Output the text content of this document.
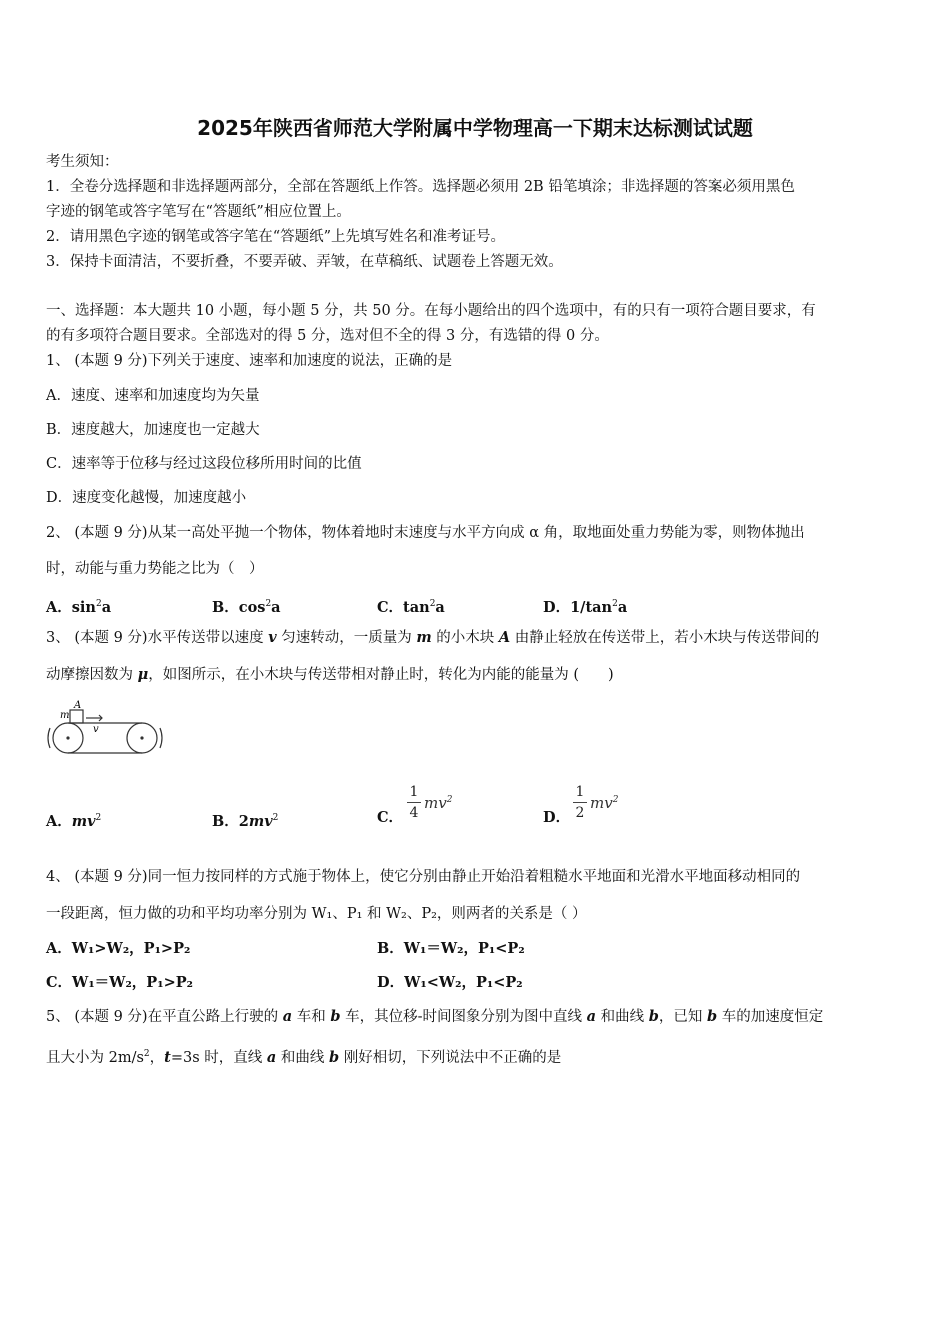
2025年陕西省师范大学附属中学物理高一下期末达标测试试题
考生须知：
1．全卷分选择题和非选择题两部分，全部在答题纸上作答。选择题必须用 2B 铅笔填涂；非选择题的答案必须用黑色
字迹的钢笔或答字笔写在“答题纸”相应位置上。
2．请用黑色字迹的钢笔或答字笔在“答题纸”上先填写姓名和准考证号。
3．保持卡面清洁，不要折叠，不要弄破、弄皱，在草稿纸、试题卷上答题无效。
一、选择题：本大题共 10 小题，每小题 5 分，共 50 分。在每小题给出的四个选项中，有的只有一项符合题目要求，有
的有多项符合题目要求。全部选对的得 5 分，选对但不全的得 3 分，有选错的得 0 分。
1、 (本题 9 分)下列关于速度、速率和加速度的说法，正确的是
A．速度、速率和加速度均为矢量
B．速度越大，加速度也一定越大
C．速率等于位移与经过这段位移所用时间的比值
D．速度变化越慢，加速度越小
2、 (本题 9 分)从某一高处平抛一个物体，物体着地时末速度与水平方向成 α 角，取地面处重力势能为零，则物体抛出
时，动能与重力势能之比为（　）
A．$\sin^2a$	B．$\cos^2a$	C．$\tan^2a$	D．$1/\tan^2a$
3、 (本题 9 分)水平传送带以速度 v 匀速转动，一质量为 m 的小木块 A 由静止轻放在传送带上，若小木块与传送带间的
动摩擦因数为 μ，如图所示，在小木块与传送带相对静止时，转化为内能的能量为 (　　)
m
A
v
A．$mv^2$	B．$2mv^2$	C．
1
4
$mv^2$
D．
1
2
$mv^2$
4、 (本题 9 分)同一恒力按同样的方式施于物体上，使它分别由静止开始沿着粗糙水平地面和光滑水平地面移动相同的
一段距离，恒力做的功和平均功率分别为 W₁、P₁ 和 W₂、P₂，则两者的关系是（ ）
A．W₁>W₂，P₁>P₂	B．W₁＝W₂，P₁<P₂
C．W₁＝W₂，P₁>P₂	D．W₁<W₂，P₁<P₂
5、 (本题 9 分)在平直公路上行驶的 a 车和 b 车，其位移-时间图象分别为图中直线 a 和曲线 b，已知 b 车的加速度恒定
且大小为 $2m/s^2$，t=3s 时，直线 a 和曲线 b 刚好相切，下列说法中不正确的是
